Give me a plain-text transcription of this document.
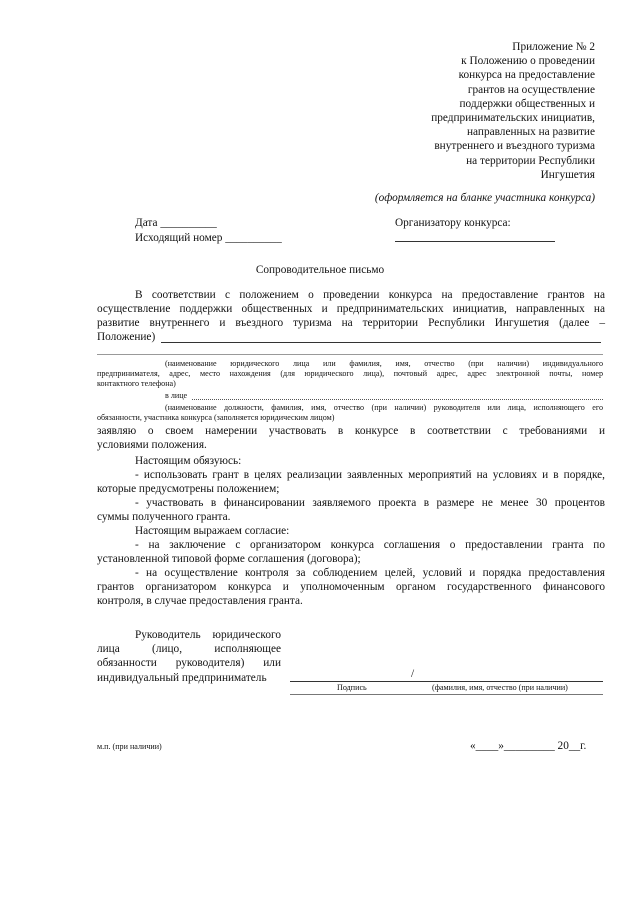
Приложение № 2
к Положению о проведении
конкурса на предоставление
грантов на осуществление
поддержки общественных и
предпринимательских инициатив,
направленных на развитие
внутреннего и въездного туризма
на территории Республики
Ингушетия
(оформляется на бланке участника конкурса)
Дата __________
Исходящий номер __________
Организатору конкурса:
Сопроводительное письмо
В соответствии с положением о проведении конкурса на предоставление грантов на
осуществление поддержки общественных и предпринимательских инициатив, направленных на
развитие внутреннего и въездного туризма на территории Республики Ингушетия (далее –
Положение)
(наименование юридического лица или фамилия, имя, отчество (при наличии) индивидуального
предпринимателя, адрес, место нахождения (для юридического лица), почтовый адрес, адрес электронной почты, номер
контактного телефона)
в лице
(наименование должности, фамилия, имя, отчество (при наличии) руководителя или лица, исполняющего его
обязанности, участника конкурса (заполняется юридическим лицом)
заявляю о своем намерении участвовать в конкурсе в соответствии с требованиями и
условиями положения.
Настоящим обязуюсь:
- использовать грант в целях реализации заявленных мероприятий на условиях и в порядке,
которые предусмотрены положением;
- участвовать в финансировании заявляемого проекта в размере не менее 30 процентов
суммы полученного гранта.
Настоящим выражаем согласие:
- на заключение с организатором конкурса соглашения о предоставлении гранта по
установленной типовой форме соглашения (договора);
- на осуществление контроля за соблюдением целей, условий и порядка предоставления
грантов организатором конкурса и уполномоченным органом государственного финансового
контроля, в случае предоставления гранта.
Руководитель юридического
лица (лицо, исполняющее
обязанности руководителя) или
индивидуальный предприниматель	/
Подпись	(фамилия, имя, отчество (при наличии)
м.п. (при наличии)	«____»_________ 20__г.
